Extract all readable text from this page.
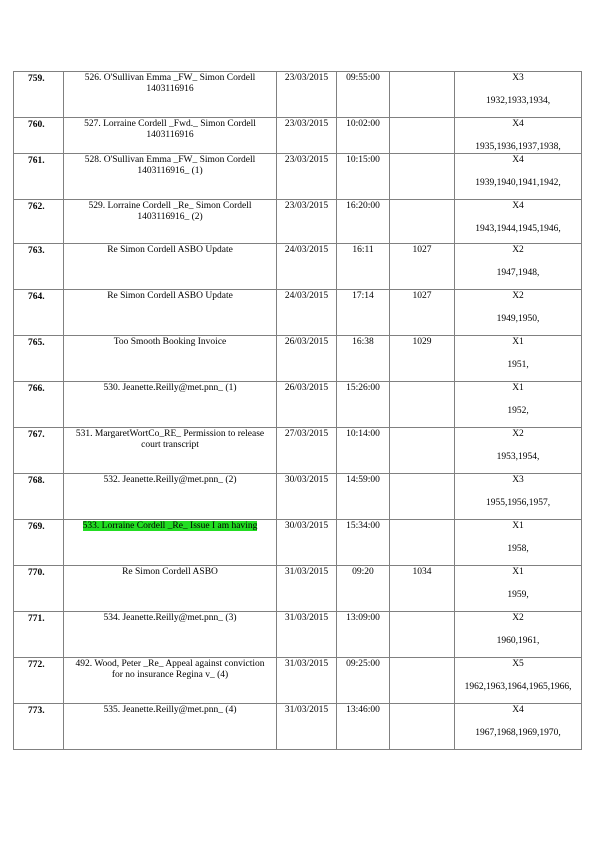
759.	526. O'Sullivan Emma _FW_ Simon Cordell 1403116916	23/03/2015	09:55:00		X3
1932,1933,1934,

760.	527. Lorraine Cordell _Fwd._ Simon Cordell 1403116916	23/03/2015	10:02:00		X4
1935,1936,1937,1938,

761.	528. O'Sullivan Emma _FW_ Simon Cordell 1403116916_ (1)	23/03/2015	10:15:00		X4
1939,1940,1941,1942,

762.	529. Lorraine Cordell _Re_ Simon Cordell 1403116916_ (2)	23/03/2015	16:20:00		X4
1943,1944,1945,1946,

763.	Re Simon Cordell ASBO Update	24/03/2015	16:11	1027	X2
1947,1948,

764.	Re Simon Cordell ASBO Update	24/03/2015	17:14	1027	X2
1949,1950,

765.	Too Smooth Booking Invoice	26/03/2015	16:38	1029	X1
1951,

766.	530. Jeanette.Reilly@met.pnn_ (1)	26/03/2015	15:26:00		X1
1952,

767.	531. MargaretWortCo_RE_ Permission to release court transcript	27/03/2015	10:14:00		X2
1953,1954,

768.	532. Jeanette.Reilly@met.pnn_ (2)	30/03/2015	14:59:00		X3
1955,1956,1957,

769.	533. Lorraine Cordell _Re_ Issue I am having	30/03/2015	15:34:00		X1
1958,

770.	Re Simon Cordell ASBO	31/03/2015	09:20	1034	X1
1959,

771.	534. Jeanette.Reilly@met.pnn_ (3)	31/03/2015	13:09:00		X2
1960,1961,

772.	492. Wood, Peter _Re_ Appeal against conviction for no insurance Regina v_ (4)	31/03/2015	09:25:00		X5
1962,1963,1964,1965,1966,

773.	535. Jeanette.Reilly@met.pnn_ (4)	31/03/2015	13:46:00		X4
1967,1968,1969,1970,
